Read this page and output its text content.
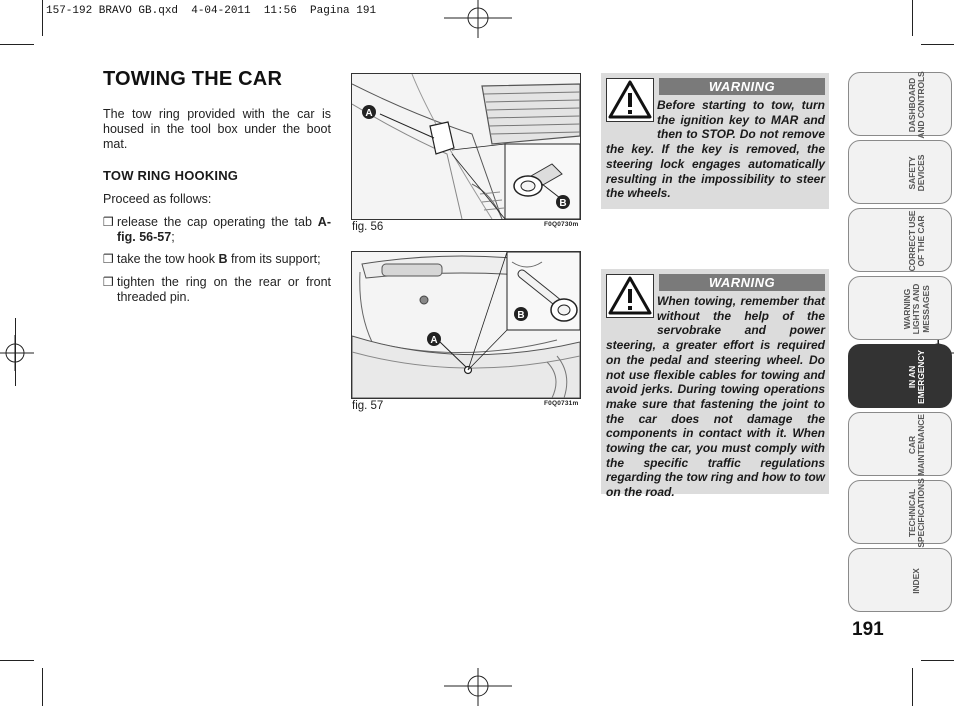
157-192 BRAVO GB.qxd  4-04-2011  11:56  Pagina 191
TOWING THE CAR
The tow ring provided with the car is housed in the tool box under the boot mat.
TOW RING HOOKING
Proceed as follows:
❒ release the cap operating the tab A-fig. 56-57;
❒ take the tow hook B from its support;
❒ tighten the ring on the rear or front threaded pin.
A
B
fig. 56	F0Q0730m
A
B
fig. 57	F0Q0731m
WARNING
Before starting to tow, turn the ignition key to MAR and then to STOP. Do not remove the key. If the key is removed, the steering lock engages automatically resulting in the impossibility to steer the wheels.
WARNING
When towing, remember that without the help of the servobrake and power steering, a greater effort is required on the pedal and steering wheel. Do not use flexible cables for towing and avoid jerks. During towing operations make sure that fastening the joint to the car does not damage the components in contact with it. When towing the car, you must comply with the specific traffic regulations regarding the tow ring and how to tow on the road.
DASHBOARD AND CONTROLS
SAFETY DEVICES
CORRECT USE OF THE CAR
WARNING LIGHTS AND MESSAGES
IN AN EMERGENCY
CAR MAINTENANCE
TECHNICAL SPECIFICATIONS
INDEX
191
